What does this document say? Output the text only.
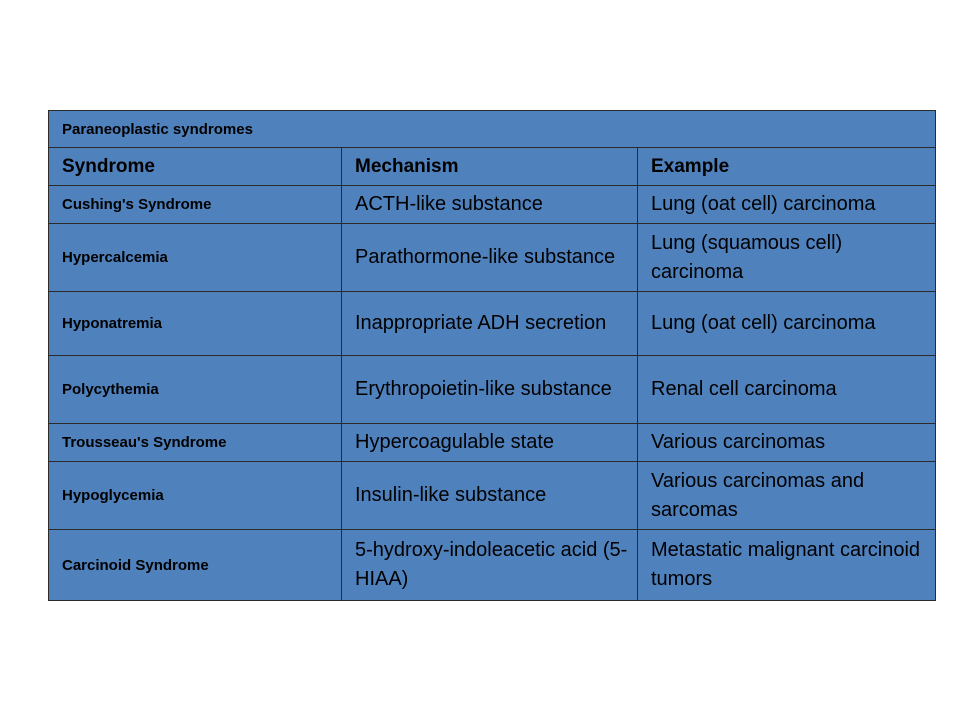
Paraneoplastic syndromes		
Syndrome	Mechanism	Example
Cushing's Syndrome	ACTH-like substance	Lung (oat cell) carcinoma
Hypercalcemia	Parathormone-like substance	Lung (squamous cell) carcinoma
Hyponatremia	Inappropriate ADH secretion	Lung (oat cell) carcinoma
Polycythemia	Erythropoietin-like substance	Renal cell carcinoma
Trousseau's Syndrome	Hypercoagulable state	Various carcinomas
Hypoglycemia	Insulin-like substance	Various carcinomas and sarcomas
Carcinoid Syndrome	5-hydroxy-indoleacetic acid (5-HIAA)	Metastatic malignant carcinoid tumors
